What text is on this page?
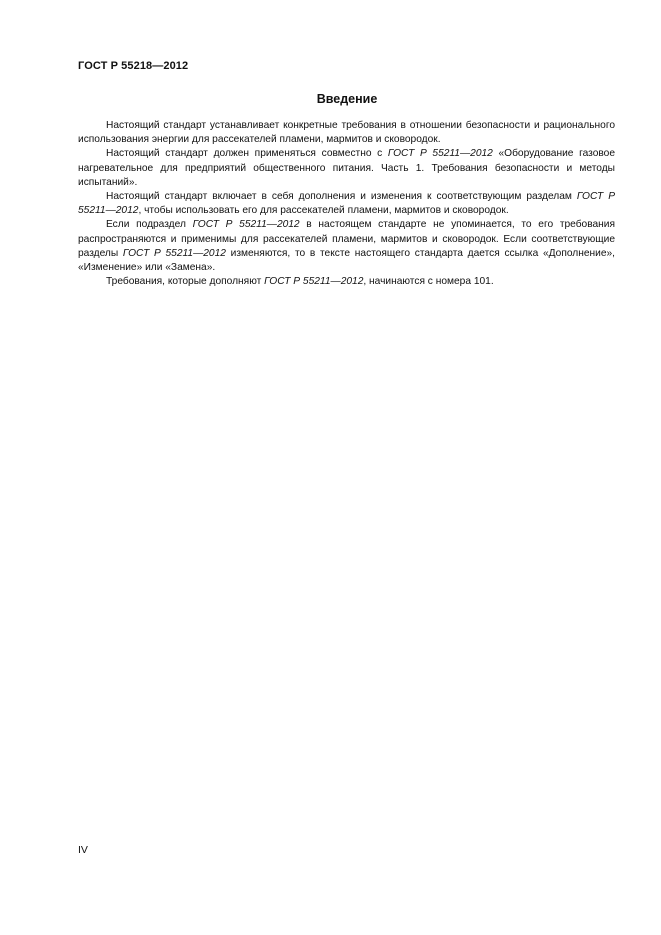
ГОСТ Р 55218—2012
Введение

Настоящий стандарт устанавливает конкретные требования в отношении безопасности и рационального использования энергии для рассекателей пламени, мармитов и сковородок.

Настоящий стандарт должен применяться совместно с ГОСТ Р 55211—2012 «Оборудование газовое нагревательное для предприятий общественного питания. Часть 1. Требования безопасности и методы испытаний».

Настоящий стандарт включает в себя дополнения и изменения к соответствующим разделам ГОСТ Р 55211—2012, чтобы использовать его для рассекателей пламени, мармитов и сковородок.

Если подраздел ГОСТ Р 55211—2012 в настоящем стандарте не упоминается, то его требования распространяются и применимы для рассекателей пламени, мармитов и сковородок. Если соответствующие разделы ГОСТ Р 55211—2012 изменяются, то в тексте настоящего стандарта дается ссылка «Дополнение», «Изменение» или «Замена».

Требования, которые дополняют ГОСТ Р 55211—2012, начинаются с номера 101.

IV
